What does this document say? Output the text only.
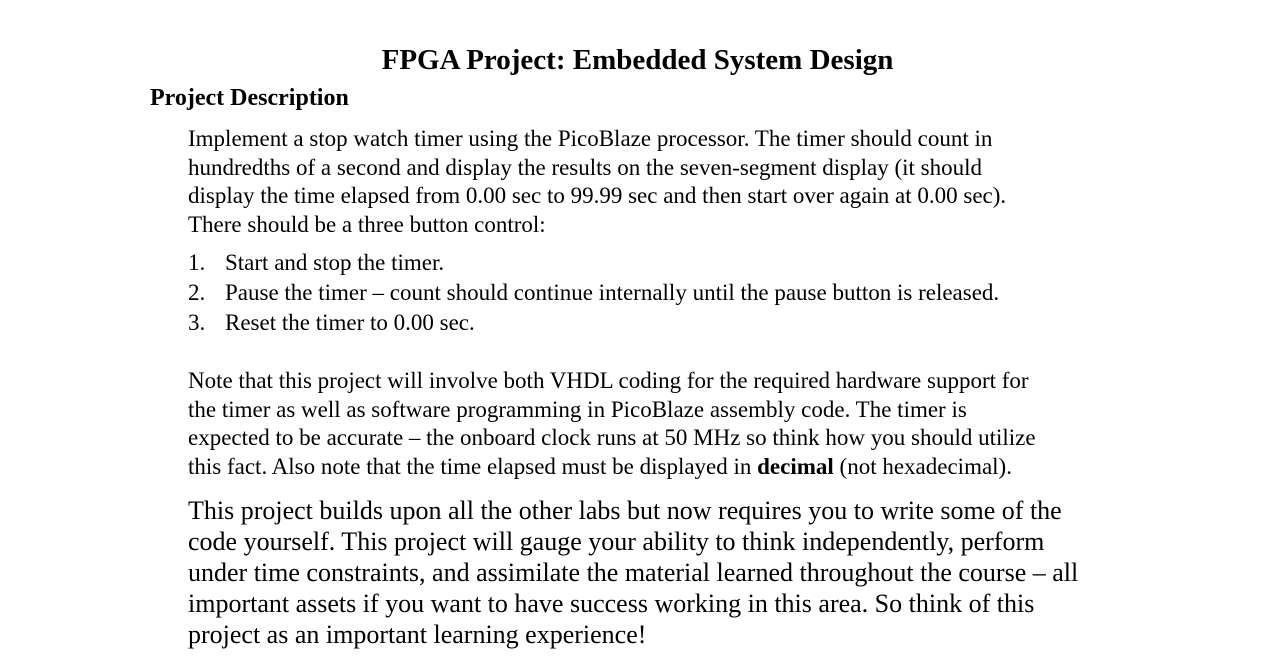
FPGA Project: Embedded System Design
Project Description

Implement a stop watch timer using the PicoBlaze processor. The timer should count in
hundredths of a second and display the results on the seven-segment display (it should
display the time elapsed from 0.00 sec to 99.99 sec and then start over again at 0.00 sec).
There should be a three button control:

1. Start and stop the timer.
2. Pause the timer – count should continue internally until the pause button is released.
3. Reset the timer to 0.00 sec.

Note that this project will involve both VHDL coding for the required hardware support for
the timer as well as software programming in PicoBlaze assembly code. The timer is
expected to be accurate – the onboard clock runs at 50 MHz so think how you should utilize
this fact. Also note that the time elapsed must be displayed in decimal (not hexadecimal).

This project builds upon all the other labs but now requires you to write some of the
code yourself. This project will gauge your ability to think independently, perform
under time constraints, and assimilate the material learned throughout the course – all
important assets if you want to have success working in this area. So think of this
project as an important learning experience!
